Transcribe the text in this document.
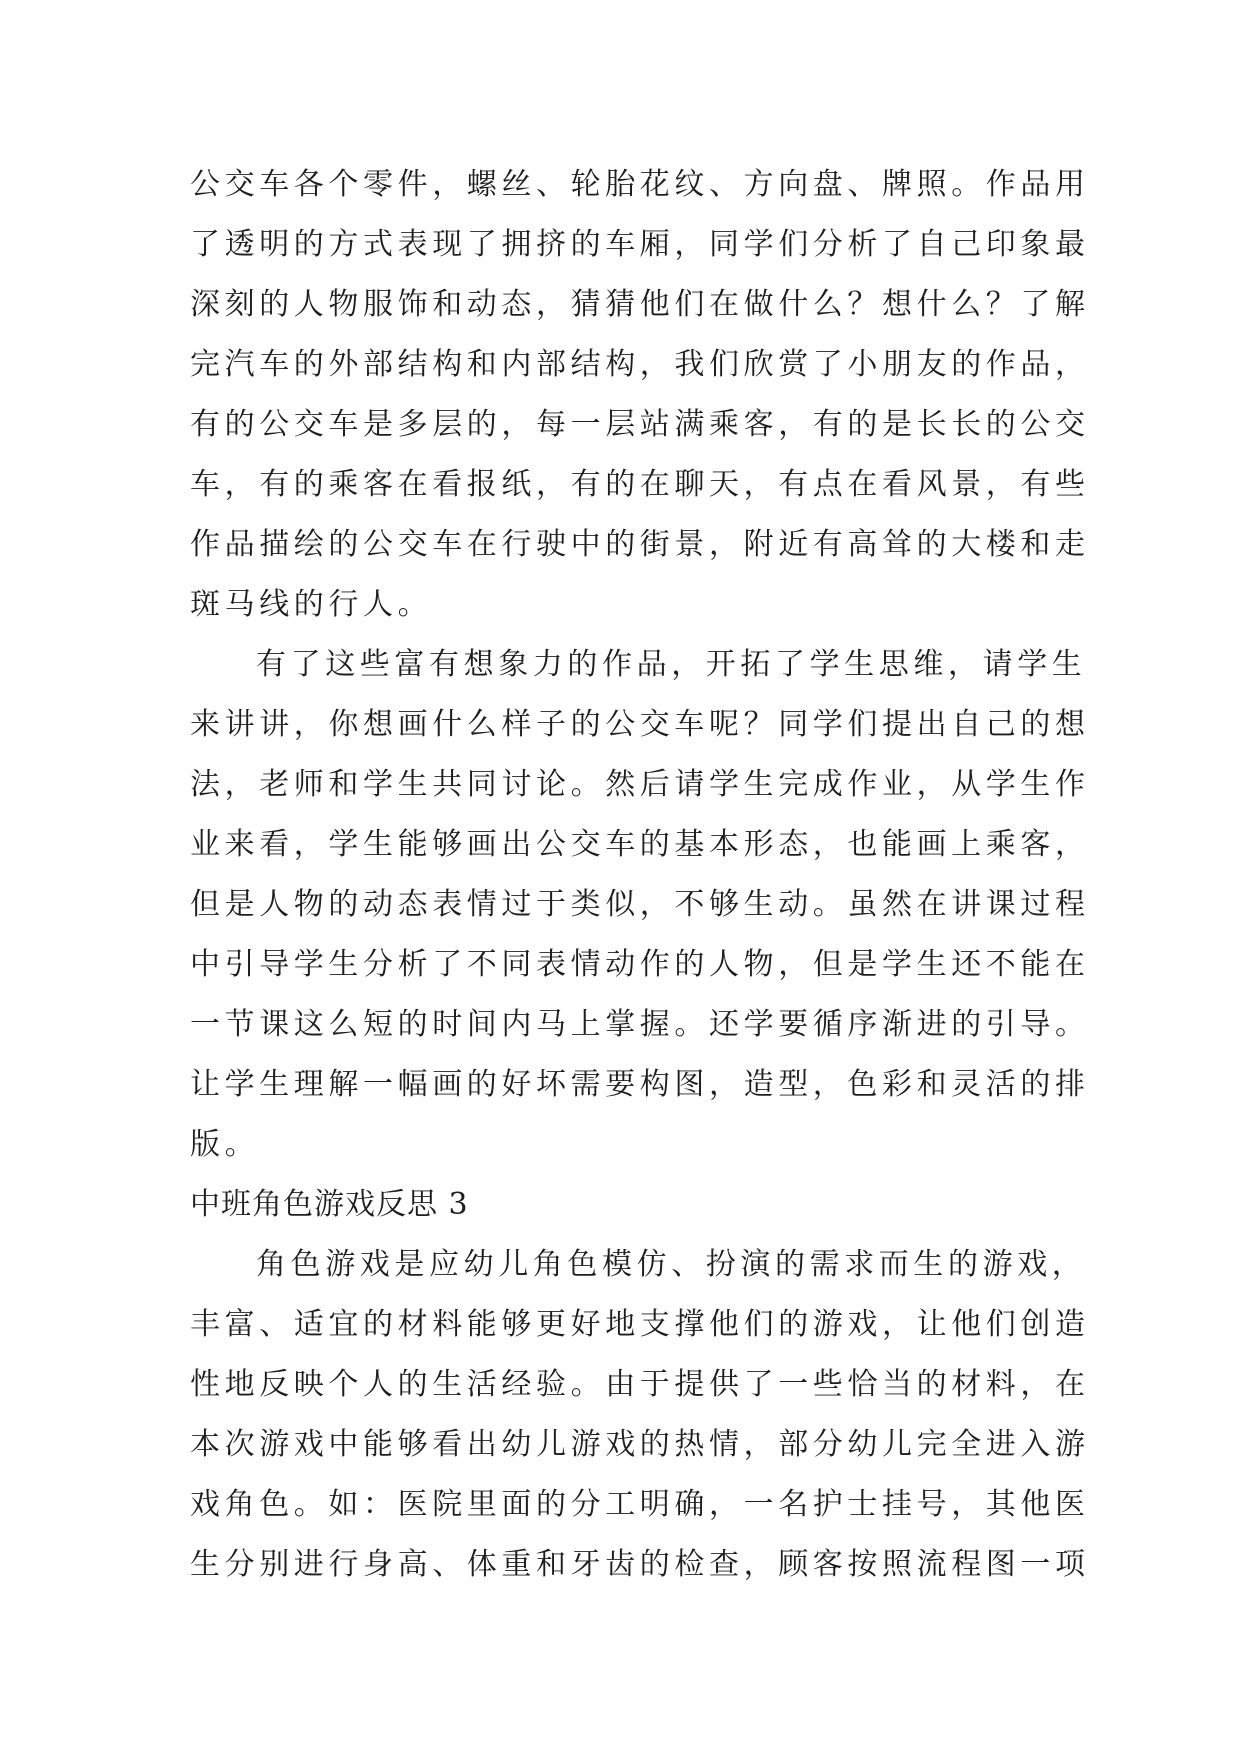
公交车各个零件，螺丝、轮胎花纹、方向盘、牌照。作品用
了透明的方式表现了拥挤的车厢，同学们分析了自己印象最
深刻的人物服饰和动态，猜猜他们在做什么？想什么？了解
完汽车的外部结构和内部结构，我们欣赏了小朋友的作品，
有的公交车是多层的，每一层站满乘客，有的是长长的公交
车，有的乘客在看报纸，有的在聊天，有点在看风景，有些
作品描绘的公交车在行驶中的街景，附近有高耸的大楼和走
斑马线的行人。
有了这些富有想象力的作品，开拓了学生思维，请学生
来讲讲，你想画什么样子的公交车呢？同学们提出自己的想
法，老师和学生共同讨论。然后请学生完成作业，从学生作
业来看，学生能够画出公交车的基本形态，也能画上乘客，
但是人物的动态表情过于类似，不够生动。虽然在讲课过程
中引导学生分析了不同表情动作的人物，但是学生还不能在
一节课这么短的时间内马上掌握。还学要循序渐进的引导。
让学生理解一幅画的好坏需要构图，造型，色彩和灵活的排
版。
中班角色游戏反思 3
角色游戏是应幼儿角色模仿、扮演的需求而生的游戏，
丰富、适宜的材料能够更好地支撑他们的游戏，让他们创造
性地反映个人的生活经验。由于提供了一些恰当的材料，在
本次游戏中能够看出幼儿游戏的热情，部分幼儿完全进入游
戏角色。如：医院里面的分工明确，一名护士挂号，其他医
生分别进行身高、体重和牙齿的检查，顾客按照流程图一项
